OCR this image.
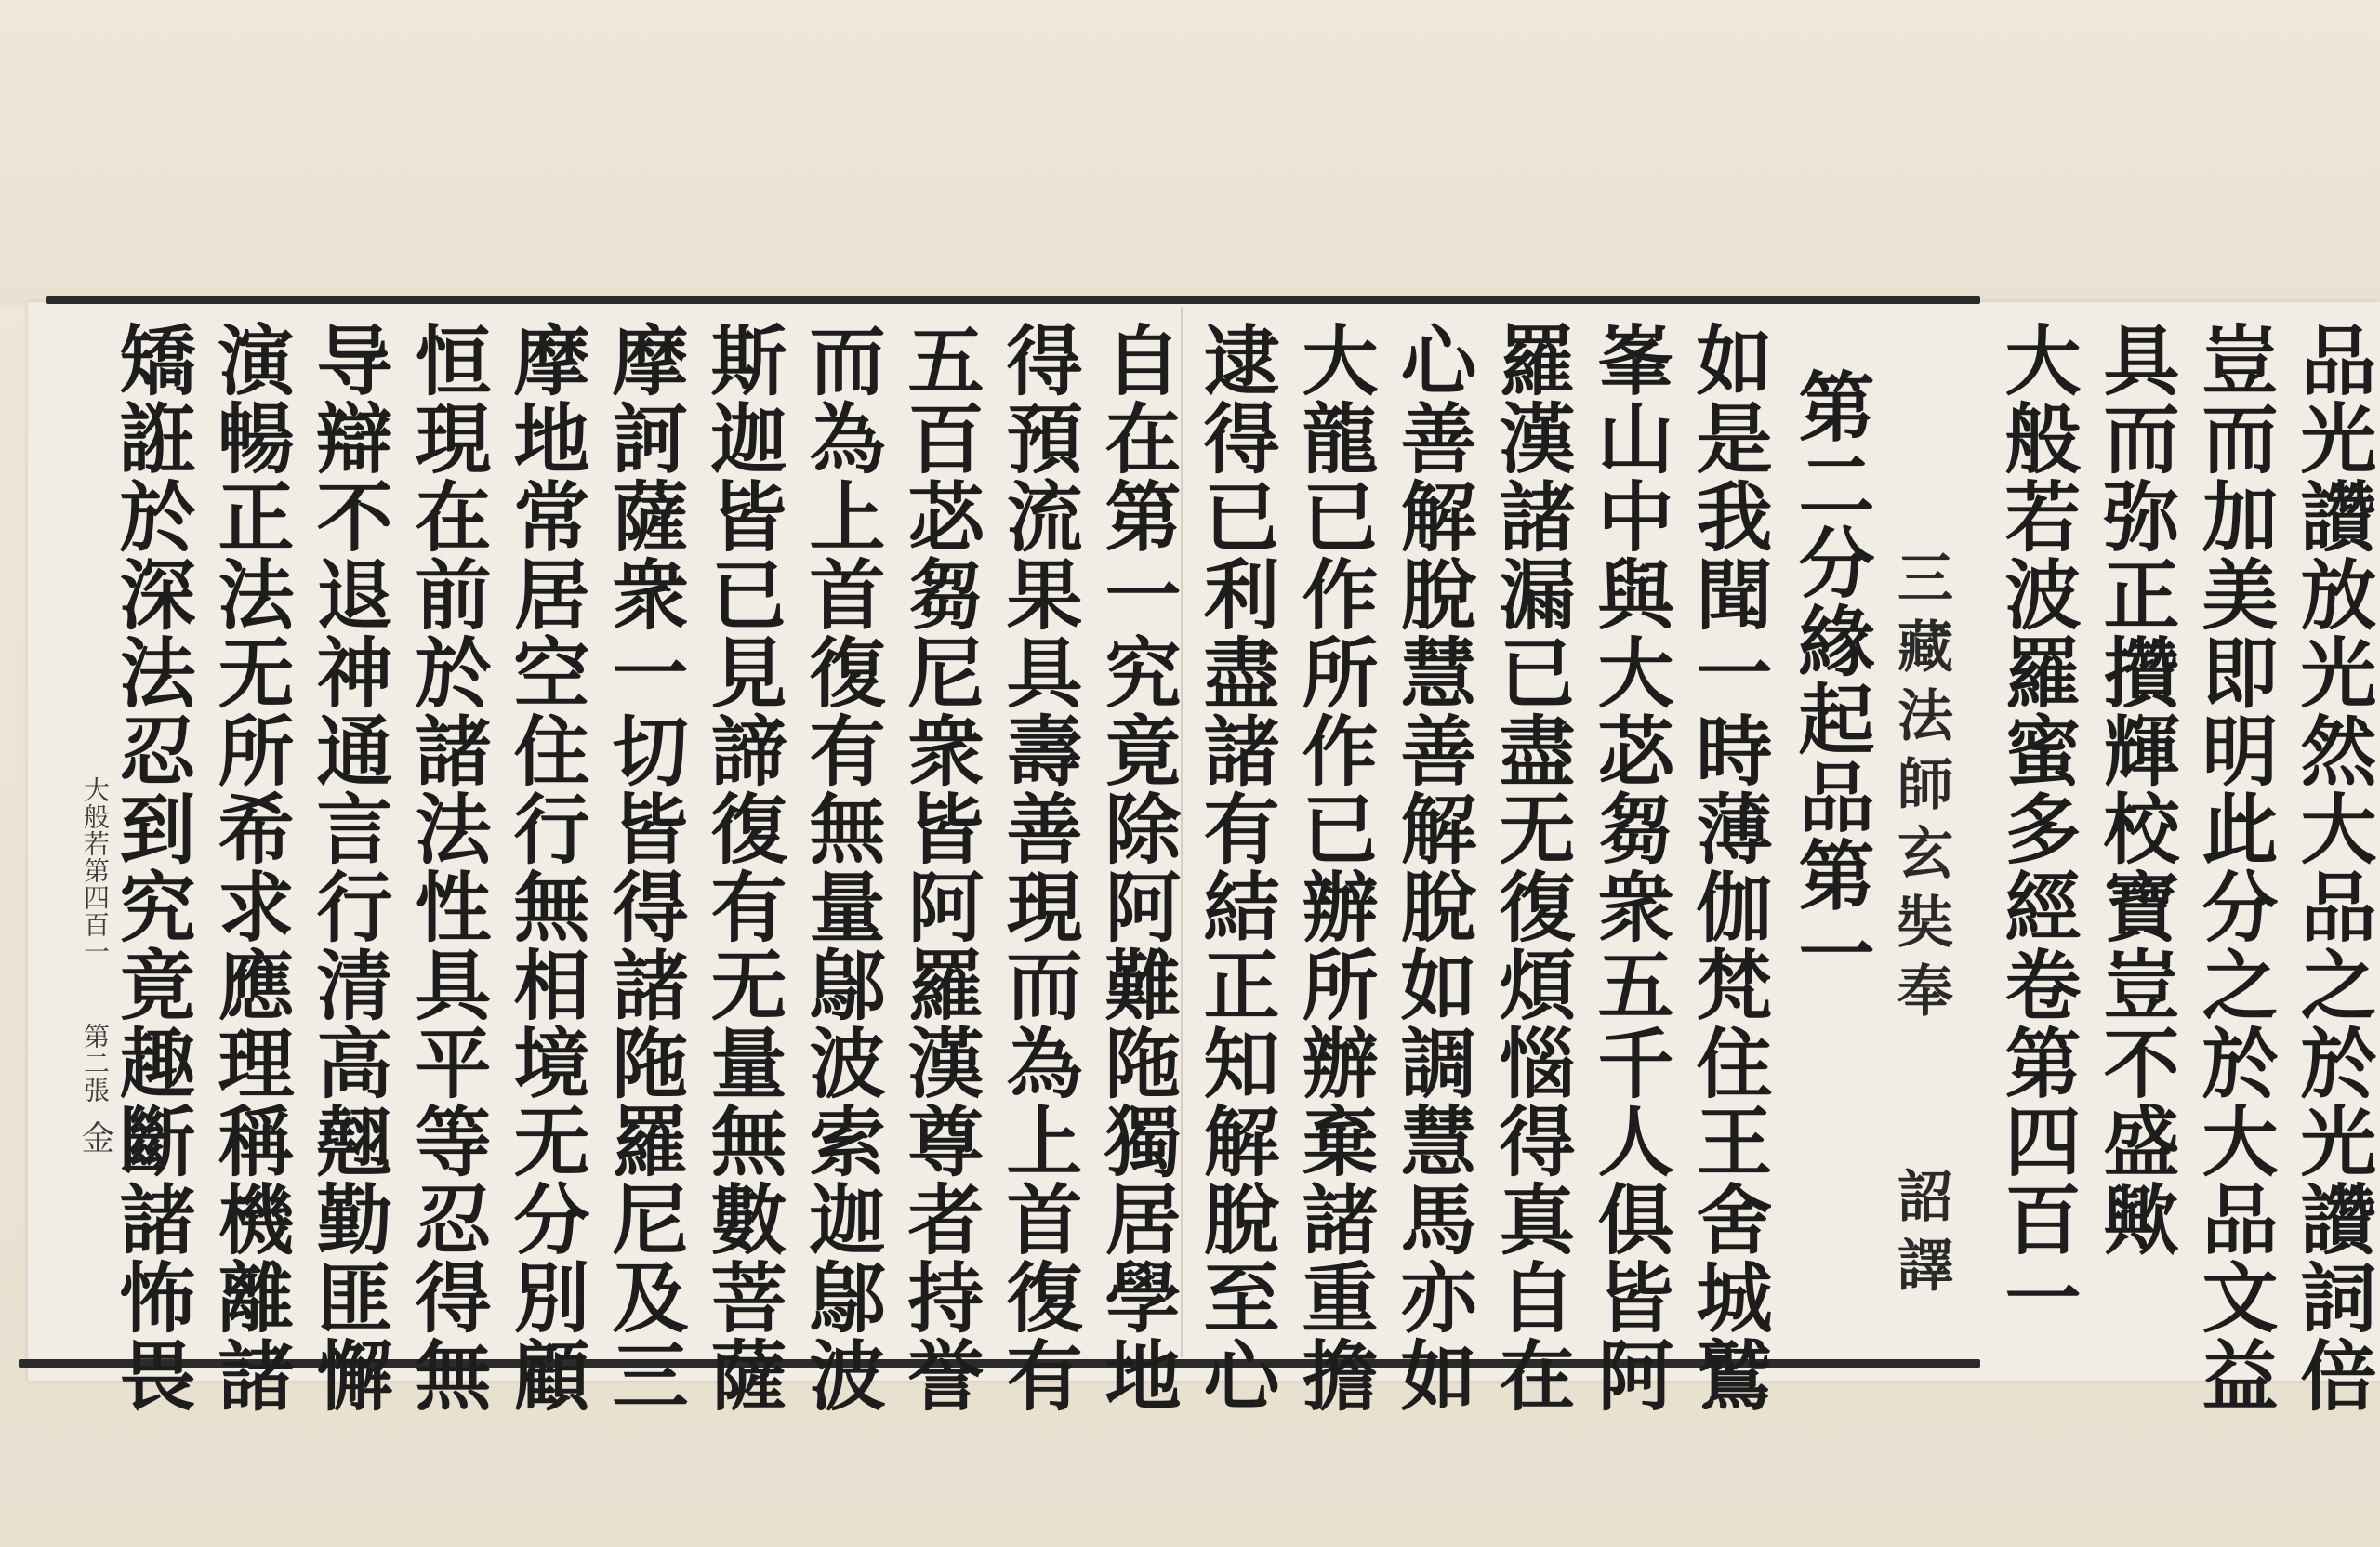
品光讚放光然大品之於光讚詞倍
豈而加美即明此分之於大品文益
具而弥正攢輝校寶豈不盛歟
大般若波羅蜜多經卷第四百一
三藏法師玄奘奉
詔譯
第二分緣起品第一
如是我聞一時薄伽梵住王舍城鷲
峯山中與大苾芻衆五千人俱皆阿
羅漢諸漏已盡无復煩惱得真自在
心善解脫慧善解脫如調慧馬亦如
大龍已作所作已辦所辦棄諸重擔
逮得已利盡諸有結正知解脫至心
自在第一究竟除阿難陁獨居學地
得預流果具壽善現而為上首復有
五百苾芻尼衆皆阿羅漢尊者持誉
而為上首復有無量鄔波索迦鄔波
斯迦皆已見諦復有无量無數菩薩
摩訶薩衆一切皆得諸陁羅尼及三
摩地常居空住行無相境无分別顧
恒現在前於諸法性具平等忍得無
导辯不退神通言行清高翹勤匪懈
演暢正法无所希求應理稱機離諸
矯誑於深法忍到究竟趣斷諸怖畏
大般若第四百一
第二張
金
